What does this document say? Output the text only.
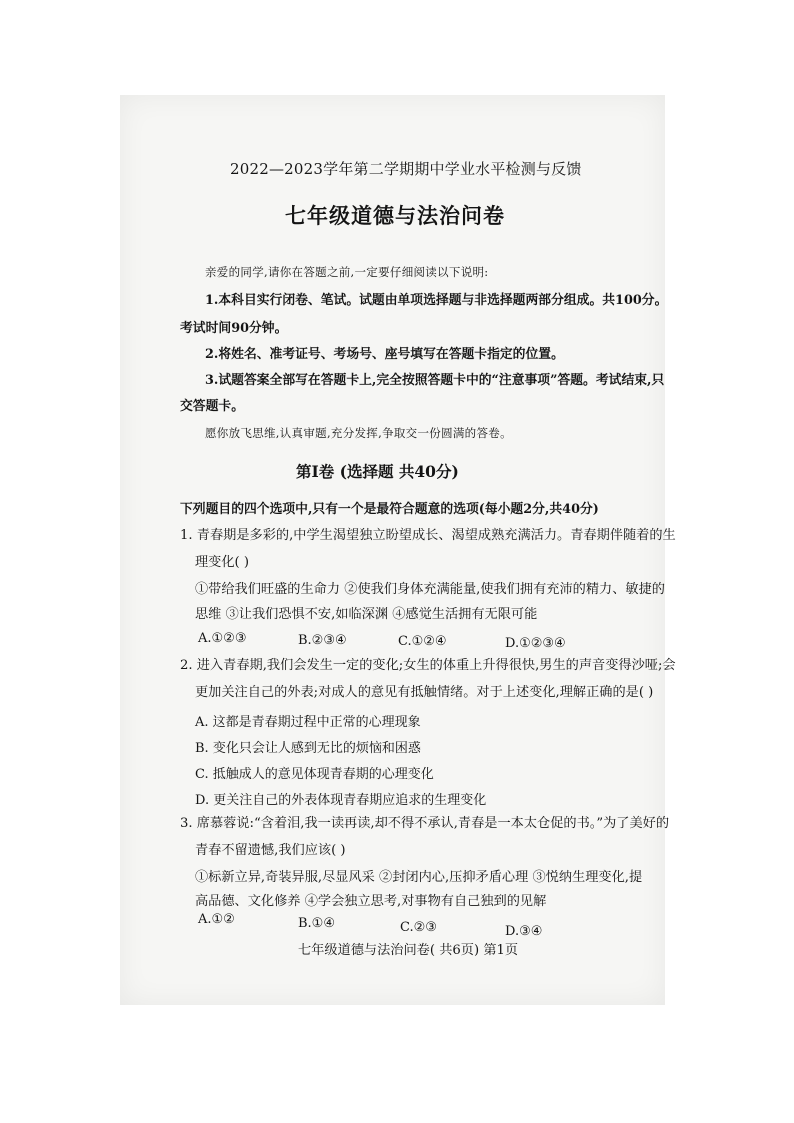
2022—2023学年第二学期期中学业水平检测与反馈
七年级道德与法治问卷
亲爱的同学,请你在答题之前,一定要仔细阅读以下说明:
1.本科目实行闭卷、笔试。试题由单项选择题与非选择题两部分组成。共100分。
考试时间90分钟。
2.将姓名、准考证号、考场号、座号填写在答题卡指定的位置。
3.试题答案全部写在答题卡上,完全按照答题卡中的“注意事项”答题。考试结束,只
交答题卡。
愿你放飞思维,认真审题,充分发挥,争取交一份圆满的答卷。
第Ⅰ卷 (选择题 共40分)
下列题目的四个选项中,只有一个是最符合题意的选项(每小题2分,共40分)
1. 青春期是多彩的,中学生渴望独立盼望成长、渴望成熟充满活力。青春期伴随着的生
理变化( )
①带给我们旺盛的生命力 ②使我们身体充满能量,使我们拥有充沛的精力、敏捷的
思维 ③让我们恐惧不安,如临深渊 ④感觉生活拥有无限可能
A.①②③	B.②③④	C.①②④	D.①②③④
2. 进入青春期,我们会发生一定的变化;女生的体重上升得很快,男生的声音变得沙哑;会
更加关注自己的外表;对成人的意见有抵触情绪。对于上述变化,理解正确的是( )
A. 这都是青春期过程中正常的心理现象
B. 变化只会让人感到无比的烦恼和困惑
C. 抵触成人的意见体现青春期的心理变化
D. 更关注自己的外表体现青春期应追求的生理变化
3. 席慕蓉说:“含着泪,我一读再读,却不得不承认,青春是一本太仓促的书。”为了美好的
青春不留遗憾,我们应该( )
①标新立异,奇装异服,尽显风采 ②封闭内心,压抑矛盾心理 ③悦纳生理变化,提
高品德、文化修养 ④学会独立思考,对事物有自己独到的见解
A.①②	B.①④	C.②③	D.③④
七年级道德与法治问卷( 共6页) 第1页
